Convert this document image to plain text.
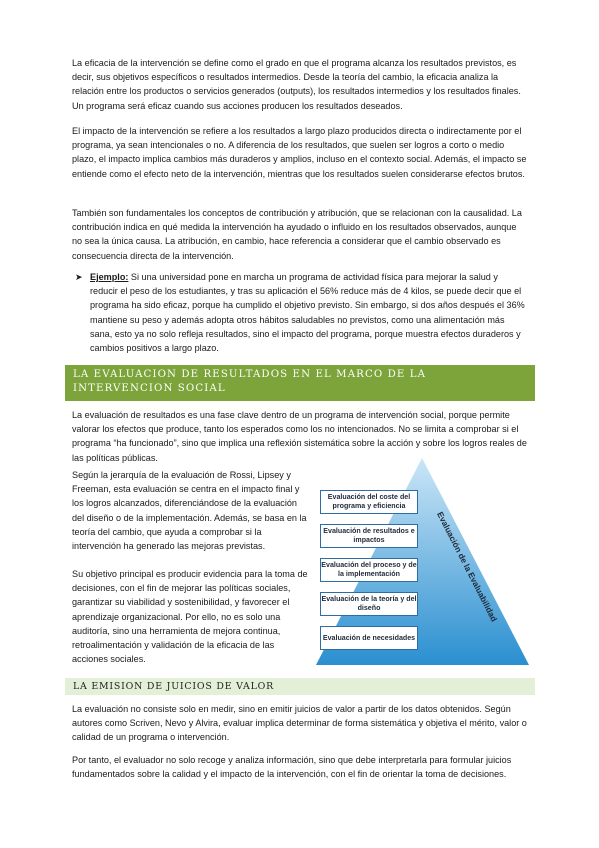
La eficacia de la intervención se define como el grado en que el programa alcanza los resultados previstos, es decir, sus objetivos específicos o resultados intermedios. Desde la teoría del cambio, la eficacia analiza la relación entre los productos o servicios generados (outputs), los resultados intermedios y los resultados finales. Un programa será eficaz cuando sus acciones producen los resultados deseados.

El impacto de la intervención se refiere a los resultados a largo plazo producidos directa o indirectamente por el programa, ya sean intencionales o no. A diferencia de los resultados, que suelen ser logros a corto o medio plazo, el impacto implica cambios más duraderos y amplios, incluso en el contexto social. Además, el impacto se entiende como el efecto neto de la intervención, mientras que los resultados suelen considerarse efectos brutos.

También son fundamentales los conceptos de contribución y atribución, que se relacionan con la causalidad. La contribución indica en qué medida la intervención ha ayudado o influido en los resultados observados, aunque no sea la única causa. La atribución, en cambio, hace referencia a considerar que el cambio observado es consecuencia directa de la intervención.

➤ Ejemplo: Si una universidad pone en marcha un programa de actividad física para mejorar la salud y reducir el peso de los estudiantes, y tras su aplicación el 56% reduce más de 4 kilos, se puede decir que el programa ha sido eficaz, porque ha cumplido el objetivo previsto. Sin embargo, si dos años después el 36% mantiene su peso y además adopta otros hábitos saludables no previstos, como una alimentación más sana, esto ya no solo refleja resultados, sino el impacto del programa, porque muestra efectos duraderos y cambios positivos a largo plazo.

LA EVALUACION DE RESULTADOS EN EL MARCO DE LA INTERVENCION SOCIAL

La evaluación de resultados es una fase clave dentro de un programa de intervención social, porque permite valorar los efectos que produce, tanto los esperados como los no intencionados. No se limita a comprobar si el programa “ha funcionado”, sino que implica una reflexión sistemática sobre la acción y sobre los logros reales de las políticas públicas.

Según la jerarquía de la evaluación de Rossi, Lipsey y Freeman, esta evaluación se centra en el impacto final y los logros alcanzados, diferenciándose de la evaluación del diseño o de la implementación. Además, se basa en la teoría del cambio, que ayuda a comprobar si la intervención ha generado las mejoras previstas.

Su objetivo principal es producir evidencia para la toma de decisiones, con el fin de mejorar las políticas sociales, garantizar su viabilidad y sostenibilidad, y favorecer el aprendizaje organizacional. Por ello, no es solo una auditoría, sino una herramienta de mejora continua, retroalimentación y validación de la eficacia de las acciones sociales.

Evaluación del coste del programa y eficiencia
Evaluación de resultados e impactos
Evaluación del proceso y de la implementación
Evaluación de la teoría y del diseño
Evaluación de necesidades
Evaluación de la Evaluabilidad
LA EMISION DE JUICIOS DE VALOR

La evaluación no consiste solo en medir, sino en emitir juicios de valor a partir de los datos obtenidos. Según autores como Scriven, Nevo y Alvira, evaluar implica determinar de forma sistemática y objetiva el mérito, valor o calidad de un programa o intervención.

Por tanto, el evaluador no solo recoge y analiza información, sino que debe interpretarla para formular juicios fundamentados sobre la calidad y el impacto de la intervención, con el fin de orientar la toma de decisiones.
